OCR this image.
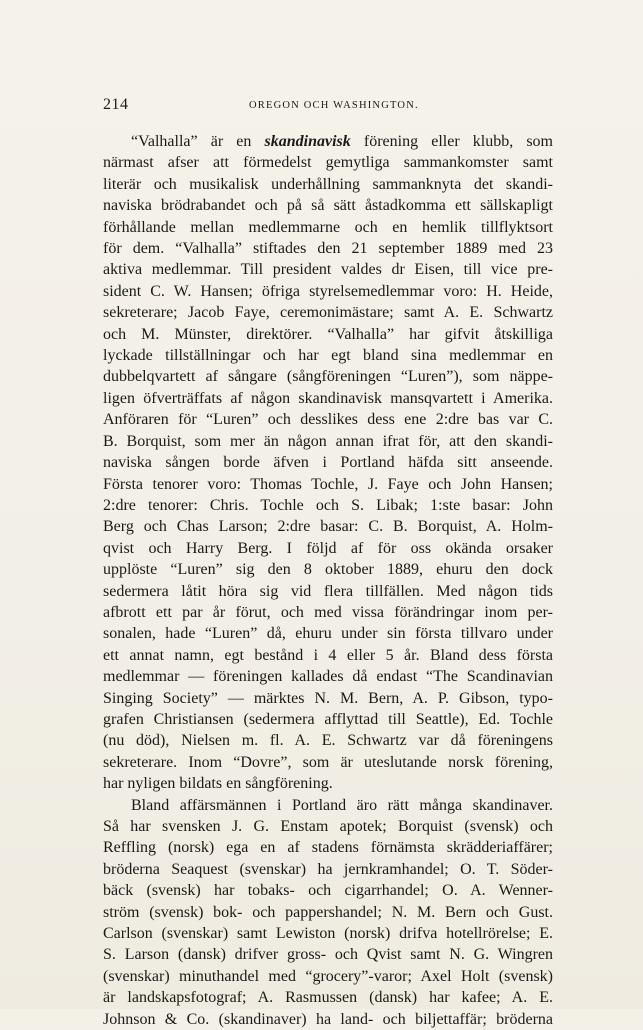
214	OREGON OCH WASHINGTON.
“Valhalla” är en skandinavisk förening eller klubb, som
närmast afser att förmedelst gemytliga sammankomster samt
literär och musikalisk underhållning sammanknyta det skandi-
naviska brödrabandet och på så sätt åstadkomma ett sällskapligt
förhållande mellan medlemmarne och en hemlik tillflyktsort
för dem. “Valhalla” stiftades den 21 september 1889 med 23
aktiva medlemmar. Till president valdes dr Eisen, till vice pre-
sident C. W. Hansen; öfriga styrelsemedlemmar voro: H. Heide,
sekreterare; Jacob Faye, ceremonimästare; samt A. E. Schwartz
och M. Münster, direktörer. “Valhalla” har gifvit åtskilliga
lyckade tillställningar och har egt bland sina medlemmar en
dubbelqvartett af sångare (sångföreningen “Luren”), som näppe-
ligen öfverträffats af någon skandinavisk mansqvartett i Amerika.
Anföraren för “Luren” och desslikes dess ene 2:dre bas var C.
B. Borquist, som mer än någon annan ifrat för, att den skandi-
naviska sången borde äfven i Portland häfda sitt anseende.
Första tenorer voro: Thomas Tochle, J. Faye och John Hansen;
2:dre tenorer: Chris. Tochle och S. Libak; 1:ste basar: John
Berg och Chas Larson; 2:dre basar: C. B. Borquist, A. Holm-
qvist och Harry Berg. I följd af för oss okända orsaker
upplöste “Luren” sig den 8 oktober 1889, ehuru den dock
sedermera låtit höra sig vid flera tillfällen. Med någon tids
afbrott ett par år förut, och med vissa förändringar inom per-
sonalen, hade “Luren” då, ehuru under sin första tillvaro under
ett annat namn, egt bestånd i 4 eller 5 år. Bland dess första
medlemmar — föreningen kallades då endast “The Scandinavian
Singing Society” — märktes N. M. Bern, A. P. Gibson, typo-
grafen Christiansen (sedermera afflyttad till Seattle), Ed. Tochle
(nu död), Nielsen m. fl. A. E. Schwartz var då föreningens
sekreterare. Inom “Dovre”, som är uteslutande norsk förening,
har nyligen bildats en sångförening.
Bland affärsmännen i Portland äro rätt många skandinaver.
Så har svensken J. G. Enstam apotek; Borquist (svensk) och
Reffling (norsk) ega en af stadens förnämsta skrädderiaffärer;
bröderna Seaquest (svenskar) ha jernkramhandel; O. T. Söder-
bäck (svensk) har tobaks- och cigarrhandel; O. A. Wenner-
ström (svensk) bok- och pappershandel; N. M. Bern och Gust.
Carlson (svenskar) samt Lewiston (norsk) drifva hotellrörelse; E.
S. Larson (dansk) drifver gross- och Qvist samt N. G. Wingren
(svenskar) minuthandel med “grocery”-varor; Axel Holt (svensk)
är landskapsfotograf; A. Rasmussen (dansk) har kafee; A. E.
Johnson & Co. (skandinaver) ha land- och biljettaffär; bröderna
